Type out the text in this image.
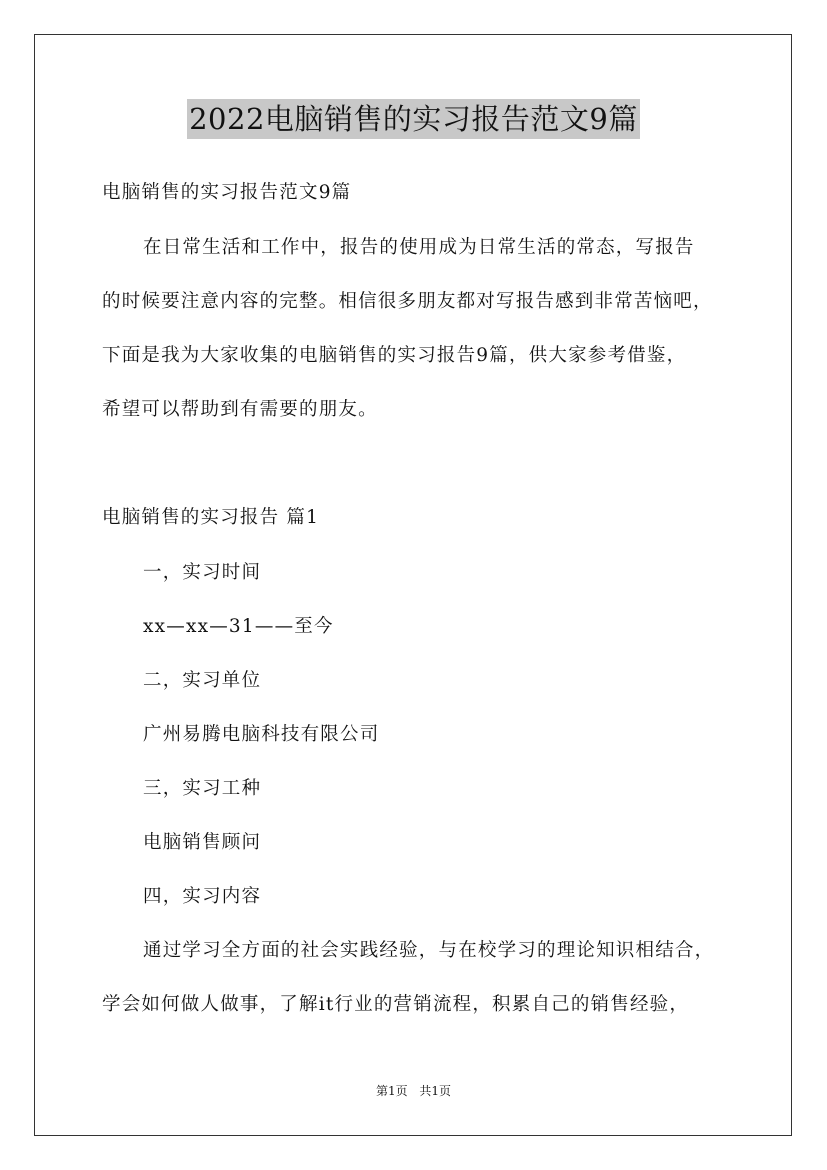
2022电脑销售的实习报告范文9篇
电脑销售的实习报告范文9篇
在日常生活和工作中，报告的使用成为日常生活的常态，写报告
的时候要注意内容的完整。相信很多朋友都对写报告感到非常苦恼吧，
下面是我为大家收集的电脑销售的实习报告9篇，供大家参考借鉴，
希望可以帮助到有需要的朋友。
电脑销售的实习报告 篇1
一，实习时间
xx—xx—31——至今
二，实习单位
广州易腾电脑科技有限公司
三，实习工种
电脑销售顾问
四，实习内容
通过学习全方面的社会实践经验，与在校学习的理论知识相结合，
学会如何做人做事，了解it行业的营销流程，积累自己的销售经验，
第1页 共1页
